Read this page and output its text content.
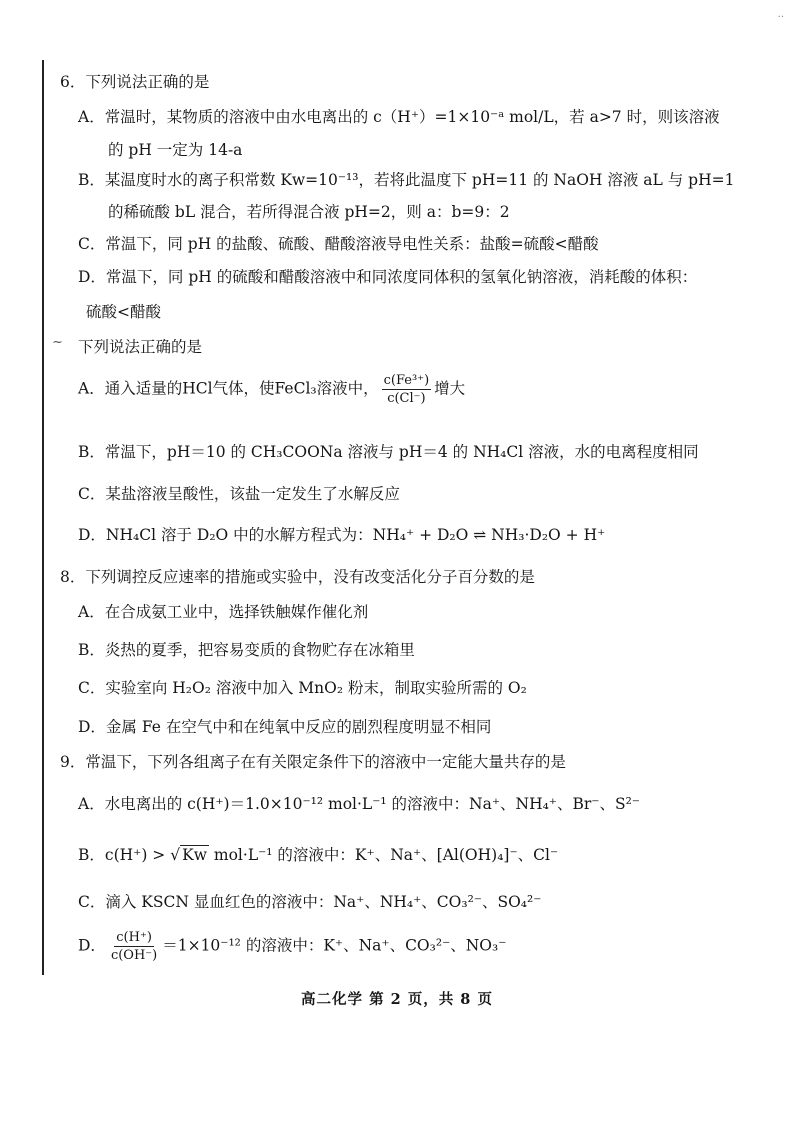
··
6．下列说法正确的是
A．常温时，某物质的溶液中由水电离出的 c（H⁺）=1×10⁻ᵃ mol/L，若 a>7 时，则该溶液
的 pH 一定为 14-a
B．某温度时水的离子积常数 Kw=10⁻¹³，若将此温度下 pH=11 的 NaOH 溶液 aL 与 pH=1
的稀硫酸 bL 混合，若所得混合液 pH=2，则 a：b=9：2
C．常温下，同 pH 的盐酸、硫酸、醋酸溶液导电性关系：盐酸=硫酸<醋酸
D．常温下，同 pH 的硫酸和醋酸溶液中和同浓度同体积的氢氧化钠溶液，消耗酸的体积：
硫酸<醋酸
~ 下列说法正确的是
A．通入适量的HCl气体，使FeCl₃溶液中， $\frac{\text{c(Fe³⁺)}}{c(Cl^-)}$ 增大
B．常温下，pH＝10 的 CH₃COONa 溶液与 pH＝4 的 NH₄Cl 溶液，水的电离程度相同
C．某盐溶液呈酸性，该盐一定发生了水解反应
D．NH₄Cl 溶于 D₂O 中的水解方程式为：NH₄⁺ + D₂O ⇌ NH₃·D₂O + H⁺
8．下列调控反应速率的措施或实验中，没有改变活化分子百分数的是
A．在合成氨工业中，选择铁触媒作催化剂
B．炎热的夏季，把容易变质的食物贮存在冰箱里
C．实验室向 H₂O₂ 溶液中加入 MnO₂ 粉末，制取实验所需的 O₂
D．金属 Fe 在空气中和在纯氧中反应的剧烈程度明显不相同
9．常温下，下列各组离子在有关限定条件下的溶液中一定能大量共存的是
A．水电离出的 c(H⁺)＝1.0×10⁻¹² mol·L⁻¹ 的溶液中：Na⁺、NH₄⁺、Br⁻、S²⁻
B．c(H⁺) > √ Kw mol·L⁻¹ 的溶液中：K⁺、Na⁺、[Al(OH)₄]⁻、Cl⁻
C．滴入 KSCN 显血红色的溶液中：Na⁺、NH₄⁺、CO₃²⁻、SO₄²⁻
D． $\frac{c(H^+)}{c(OH^-)} =1\times 10^{-12}$ 的溶液中：K⁺、Na⁺、CO₃²⁻、NO₃⁻
高二化学 第 2 页，共 8 页
